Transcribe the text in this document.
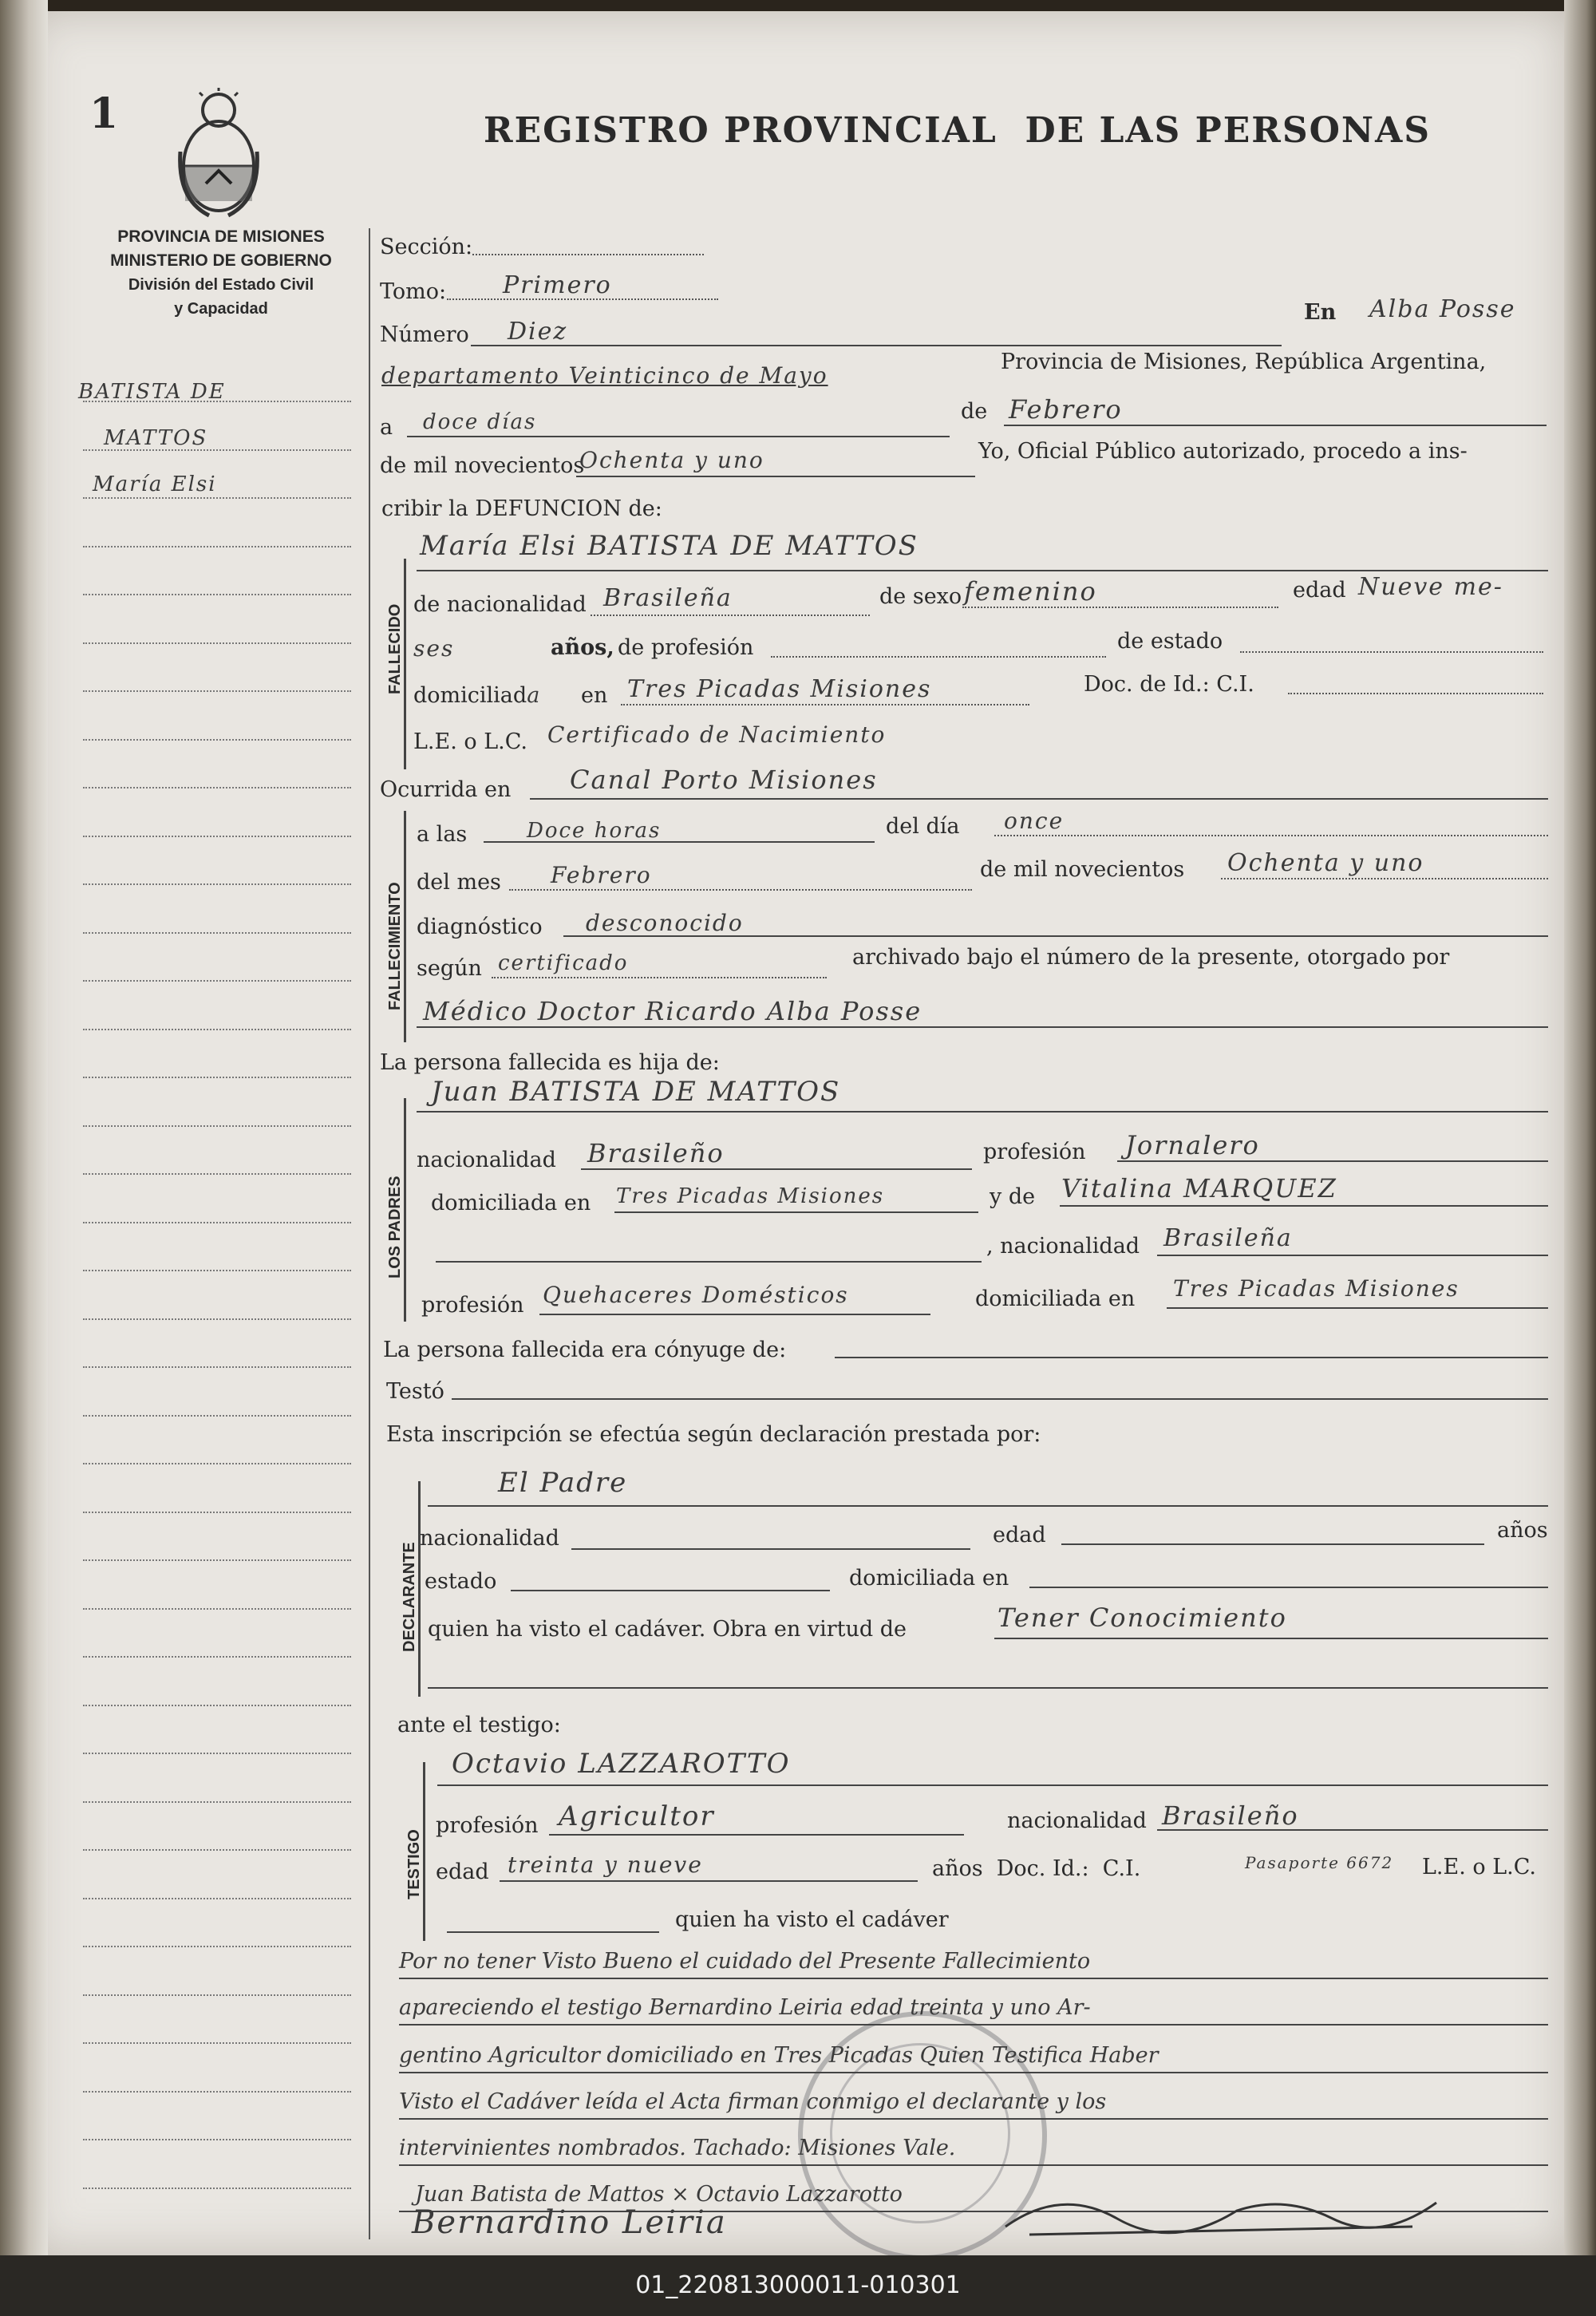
1	REGISTRO PROVINCIAL  DE LAS PERSONAS
PROVINCIA DE MISIONES
MINISTERIO DE GOBIERNO
División del Estado Civil
y Capacidad
BATISTA DE
MATTOS
María Elsi
Sección:
Tomo: Primero
Número Diez
En Alba Posse
departamento Veinticinco de Mayo
Provincia de Misiones, República Argentina,
a doce días	de Febrero
de mil novecientos
Ochenta y uno	Yo, Oficial Público autorizado, procedo a ins-
cribir la DEFUNCION de:
FALLECIDO
María Elsi BATISTA DE MATTOS
de nacionalidad Brasileña	de sexo femenino	edad Nueve me-
ses	años, de profesión	de estado
domiciliada en Tres Picadas Misiones	Doc. de Id.: C.I.
L.E. o L.C. Certificado de Nacimiento
Ocurrida en Canal Porto Misiones
FALLECIMIENTO
a las	Doce horas	del día once
del mes Febrero	de mil novecientos Ochenta y uno
diagnóstico desconocido
según certificado	archivado bajo el número de la presente, otorgado por
Médico Doctor Ricardo Alba Posse
La persona fallecida es hija de:
LOS PADRES
Juan BATISTA DE MATTOS
nacionalidad Brasileño	profesión Jornalero
domiciliada en Tres Picadas Misiones	y de Vitalina MARQUEZ
, nacionalidad Brasileña
profesión Quehaceres Domésticos	domiciliada en Tres Picadas Misiones
La persona fallecida era cónyuge de:
Testó
Esta inscripción se efectúa según declaración prestada por:
DECLARANTE
El Padre
nacionalidad	edad	años
estado	domiciliada en
quien ha visto el cadáver. Obra en virtud de	Tener Conocimiento
ante el testigo:
TESTIGO
Octavio LAZZAROTTO
profesión Agricultor	nacionalidad Brasileño
edad treinta y nueve	años  Doc. Id.:  C.I.	Pasaporte 6672 L.E. o L.C.
quien ha visto el cadáver
Por no tener Visto Bueno el cuidado del Presente Fallecimiento
apareciendo el testigo Bernardino Leiria edad treinta y uno Ar-
gentino Agricultor domiciliado en Tres Picadas Quien Testifica Haber
Visto el Cadáver leída el Acta firman conmigo el declarante y los
intervinientes nombrados. Tachado: Misiones Vale.
Juan Batista de Mattos × Octavio Lazzarotto
Bernardino Leiria
01_220813000011-010301
